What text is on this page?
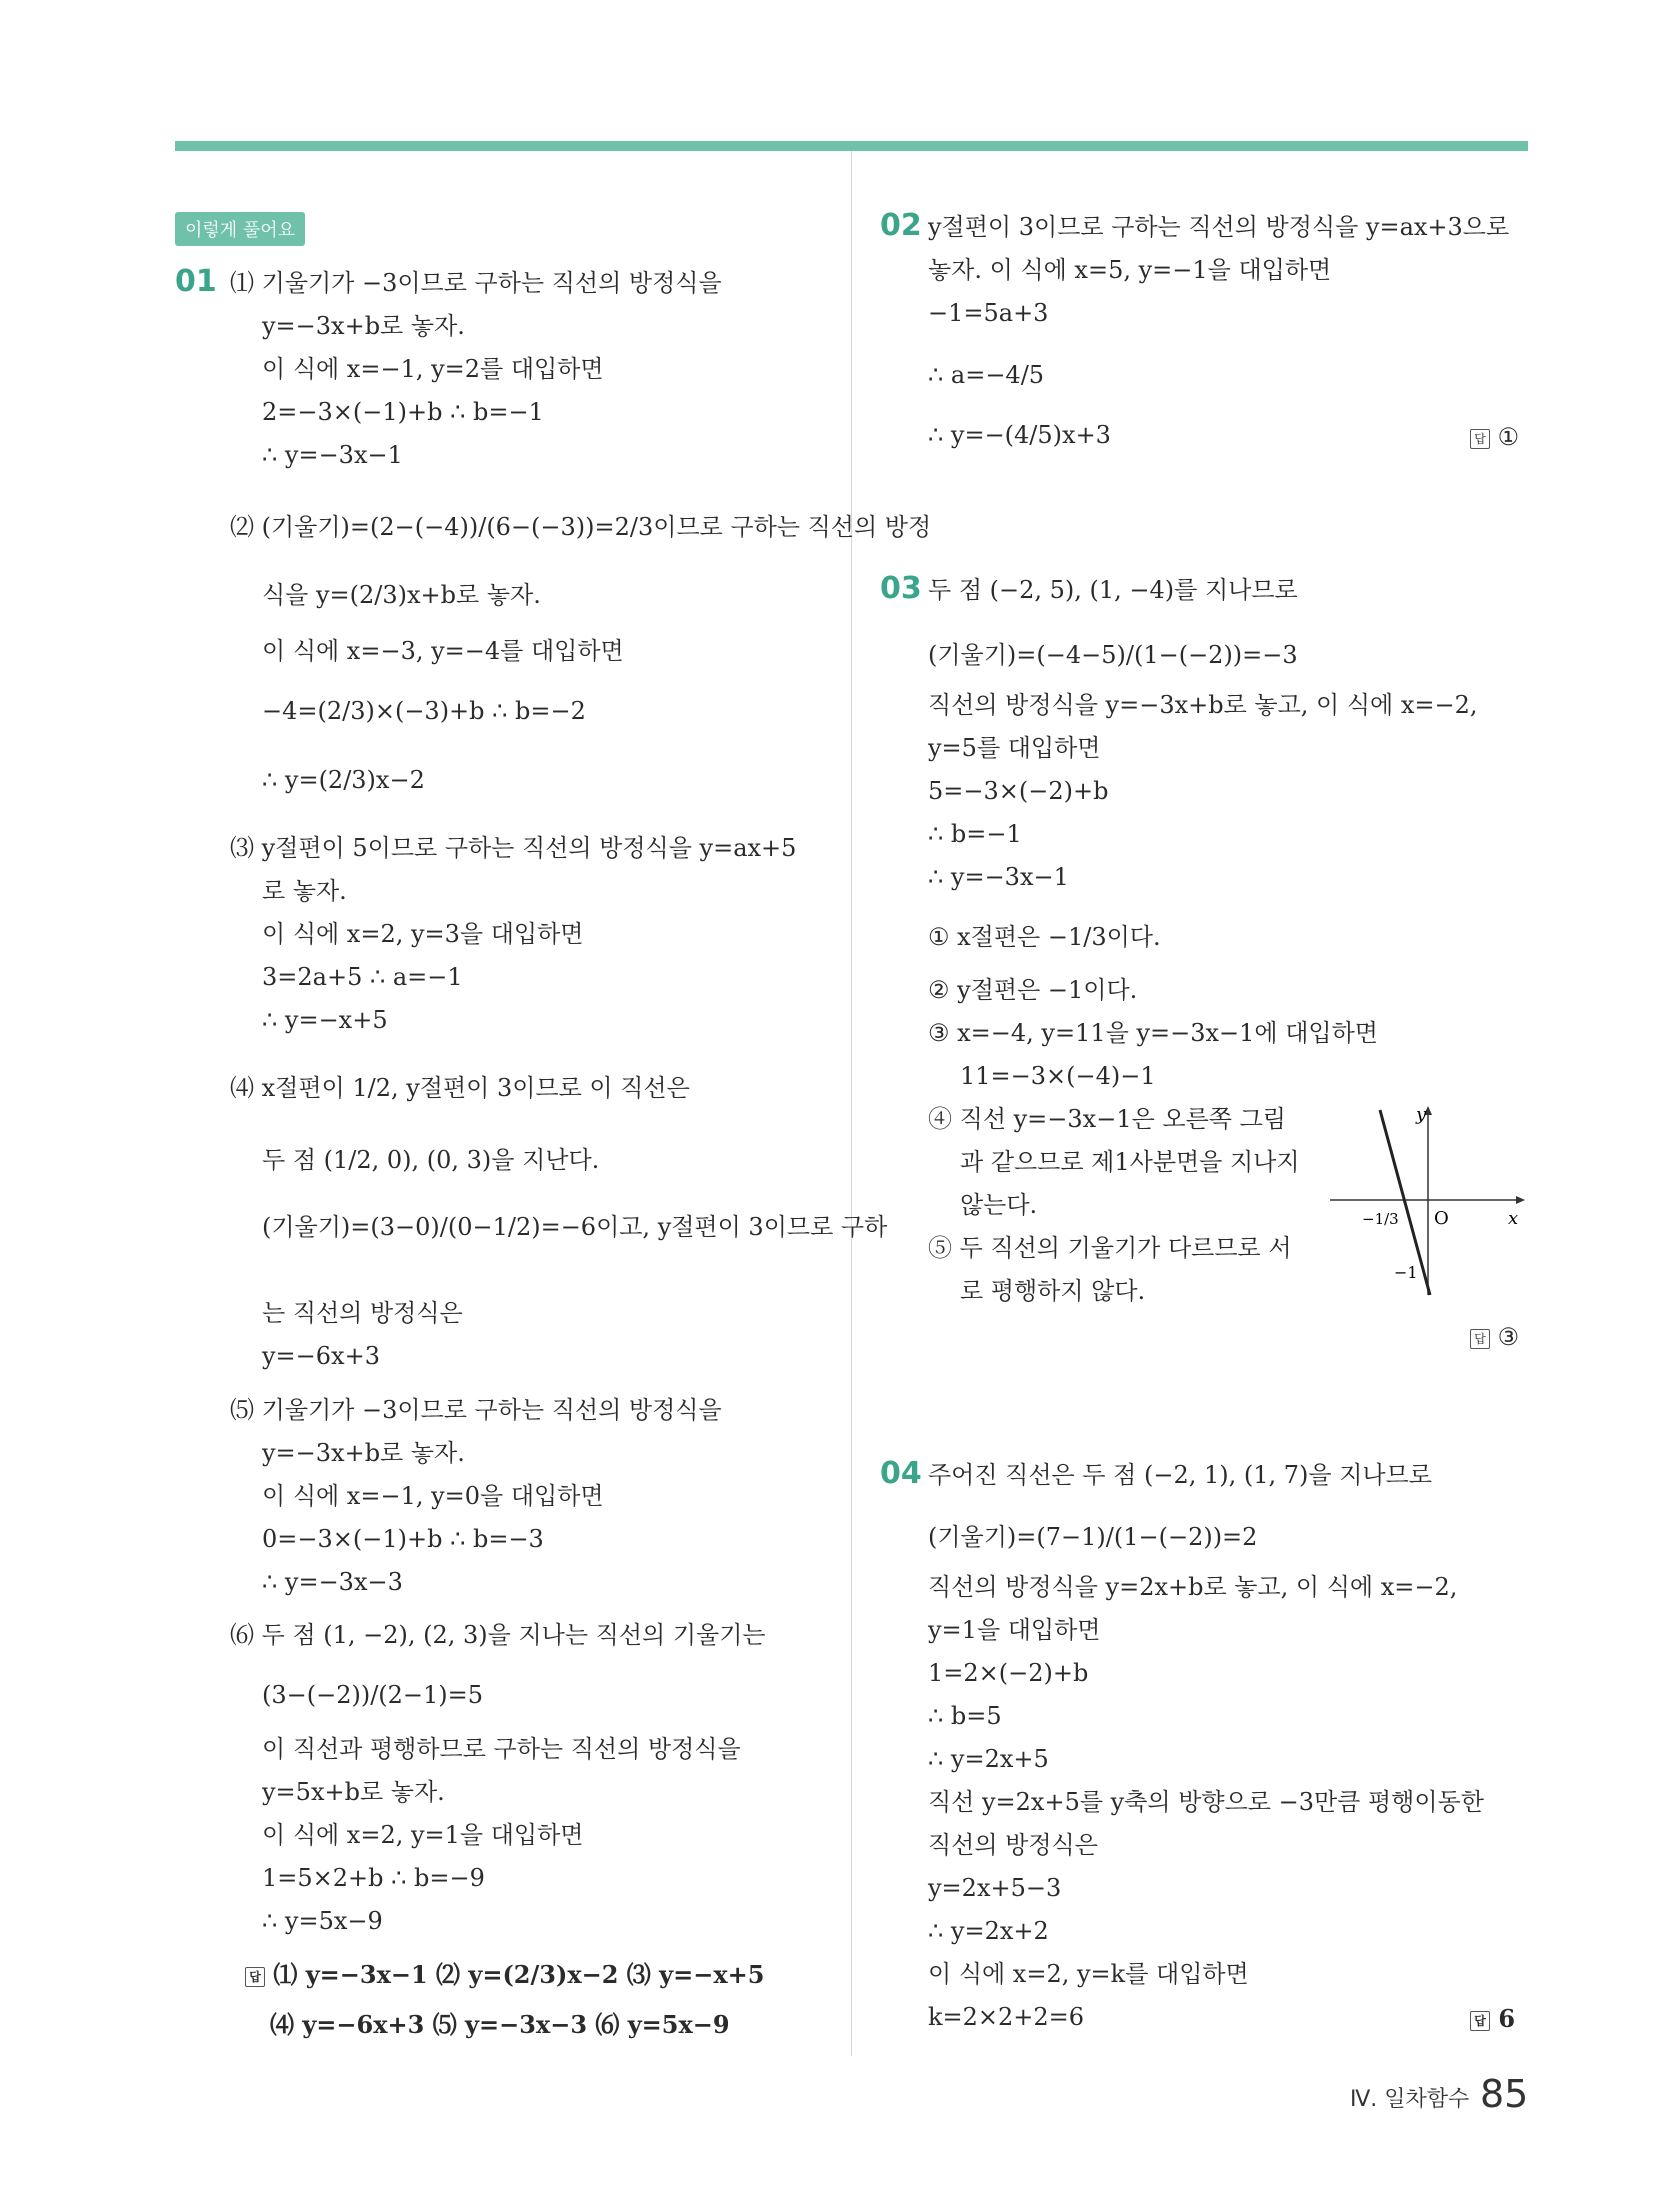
이렇게 풀어요
01 ⑴ 기울기가 −3이므로 구하는 직선의 방정식을
y=−3x+b로 놓자.
이 식에 x=−1, y=2를 대입하면
2=−3×(−1)+b ∴ b=−1
∴ y=−3x−1
⑵ (기울기)=(2−(−4))/(6−(−3))=2/3이므로 구하는 직선의 방정
식을 y=(2/3)x+b로 놓자.
이 식에 x=−3, y=−4를 대입하면
−4=(2/3)×(−3)+b ∴ b=−2
∴ y=(2/3)x−2
⑶ y절편이 5이므로 구하는 직선의 방정식을 y=ax+5
로 놓자.
이 식에 x=2, y=3을 대입하면
3=2a+5 ∴ a=−1
∴ y=−x+5
⑷ x절편이 1/2, y절편이 3이므로 이 직선은
두 점 (1/2, 0), (0, 3)을 지난다.
(기울기)=(3−0)/(0−1/2)=−6이고, y절편이 3이므로 구하
는 직선의 방정식은
y=−6x+3
⑸ 기울기가 −3이므로 구하는 직선의 방정식을
y=−3x+b로 놓자.
이 식에 x=−1, y=0을 대입하면
0=−3×(−1)+b ∴ b=−3
∴ y=−3x−3
⑹ 두 점 (1, −2), (2, 3)을 지나는 직선의 기울기는
(3−(−2))/(2−1)=5
이 직선과 평행하므로 구하는 직선의 방정식을
y=5x+b로 놓자.
이 식에 x=2, y=1을 대입하면
1=5×2+b ∴ b=−9
∴ y=5x−9
답 ⑴ y=−3x−1 ⑵ y=(2/3)x−2 ⑶ y=−x+5
⑷ y=−6x+3 ⑸ y=−3x−3 ⑹ y=5x−9
02 y절편이 3이므로 구하는 직선의 방정식을 y=ax+3으로
놓자. 이 식에 x=5, y=−1을 대입하면
−1=5a+3
∴ a=−4/5
∴ y=−(4/5)x+3	답 ①
03 두 점 (−2, 5), (1, −4)를 지나므로
(기울기)=(−4−5)/(1−(−2))=−3
직선의 방정식을 y=−3x+b로 놓고, 이 식에 x=−2,
y=5를 대입하면
5=−3×(−2)+b
∴ b=−1
∴ y=−3x−1
① x절편은 −1/3이다.
② y절편은 −1이다.
③ x=−4, y=11을 y=−3x−1에 대입하면
11=−3×(−4)−1
④ 직선 y=−3x−1은 오른쪽 그림
과 같으므로 제1사분면을 지나지
않는다.
⑤ 두 직선의 기울기가 다르므로 서
로 평행하지 않다.
답 ③
04 주어진 직선은 두 점 (−2, 1), (1, 7)을 지나므로
(기울기)=(7−1)/(1−(−2))=2
직선의 방정식을 y=2x+b로 놓고, 이 식에 x=−2,
y=1을 대입하면
1=2×(−2)+b
∴ b=5
∴ y=2x+5
직선 y=2x+5를 y축의 방향으로 −3만큼 평행이동한
직선의 방정식은
y=2x+5−3
∴ y=2x+2
이 식에 x=2, y=k를 대입하면
k=2×2+2=6	답 6
y
x
O
−1/3
−1
Ⅳ. 일차함수 85
